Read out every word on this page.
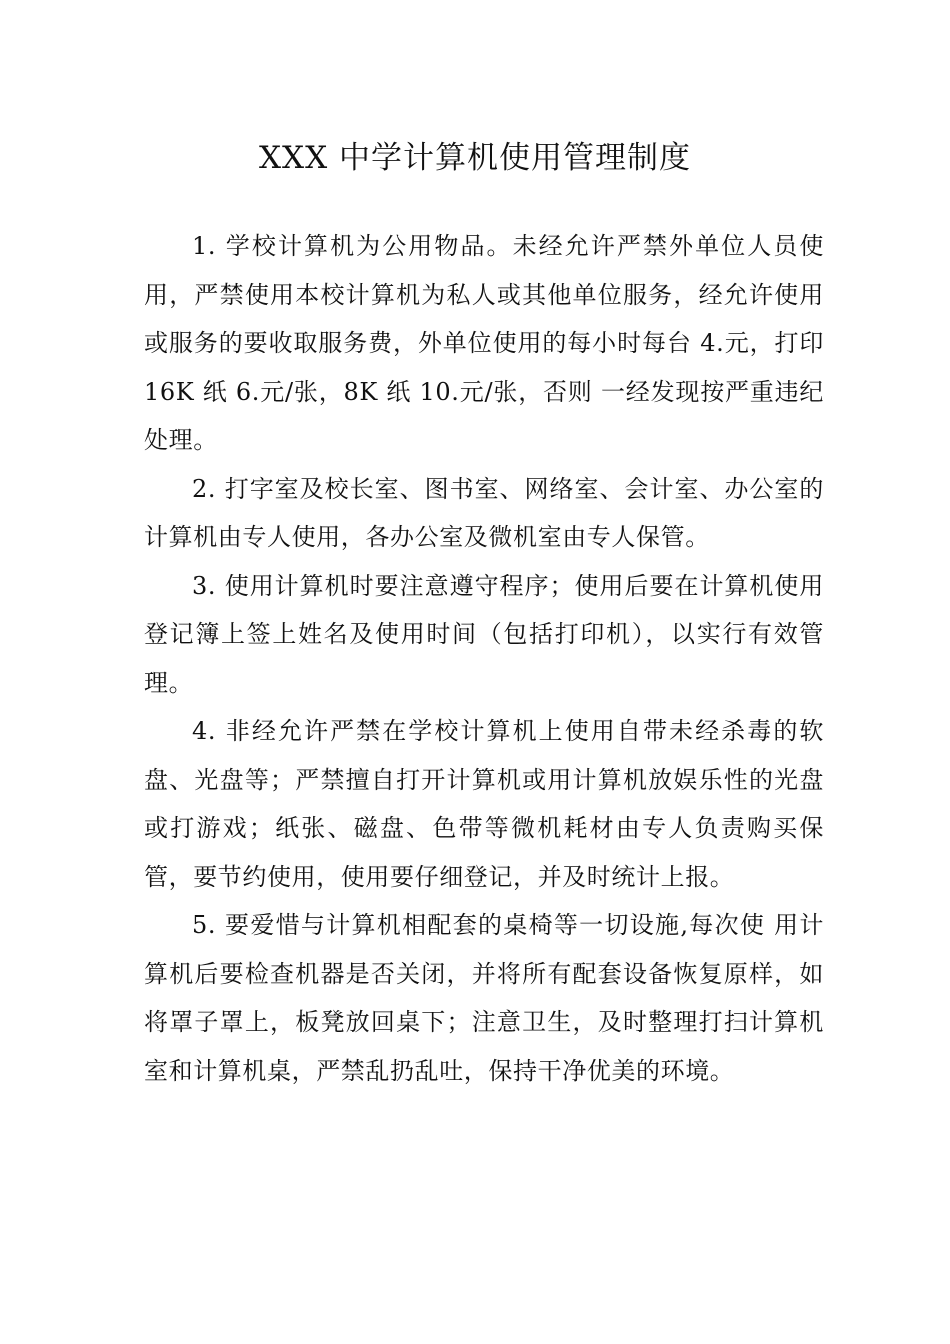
XXX 中学计算机使用管理制度

1. 学校计算机为公用物品。未经允许严禁外单位人员使用，严禁使用本校计算机为私人或其他单位服务，经允许使用或服务的要收取服务费，外单位使用的每小时每台 4.元，打印 16K 纸 6.元/张，8K 纸 10.元/张，否则 一经发现按严重违纪处理。

2. 打字室及校长室、图书室、网络室、会计室、办公室的计算机由专人使用，各办公室及微机室由专人保管。

3. 使用计算机时要注意遵守程序；使用后要在计算机使用登记簿上签上姓名及使用时间（包括打印机），以实行有效管理。

4. 非经允许严禁在学校计算机上使用自带未经杀毒的软盘、光盘等；严禁擅自打开计算机或用计算机放娱乐性的光盘或打游戏；纸张、磁盘、色带等微机耗材由专人负责购买保管，要节约使用，使用要仔细登记，并及时统计上报。

5. 要爱惜与计算机相配套的桌椅等一切设施,每次使 用计算机后要检查机器是否关闭，并将所有配套设备恢复原样，如将罩子罩上，板凳放回桌下；注意卫生，及时整理打扫计算机室和计算机桌，严禁乱扔乱吐，保持干净优美的环境。
